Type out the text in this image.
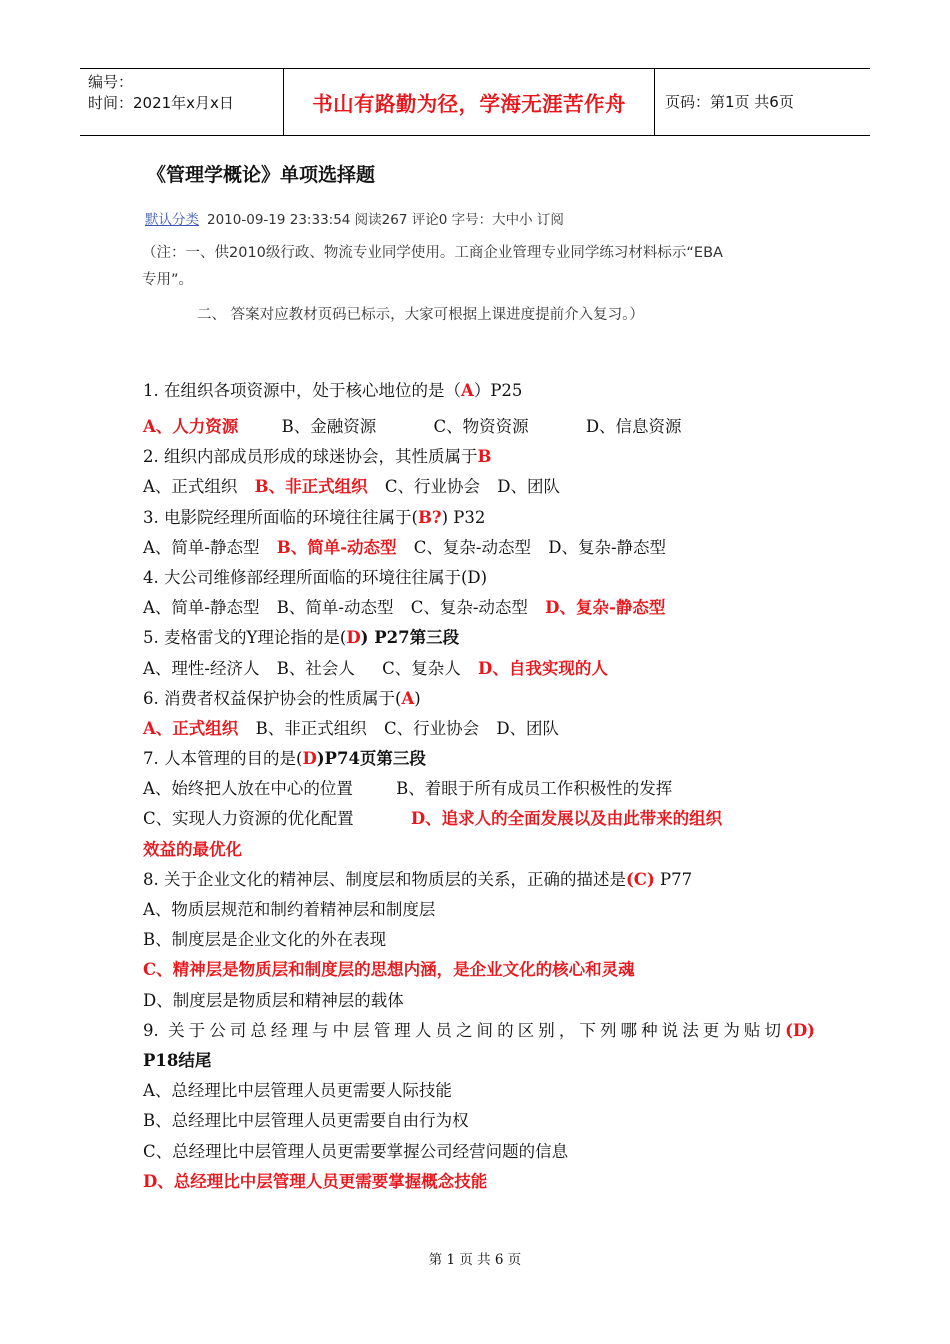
编号：
时间：2021年x月x日	书山有路勤为径，学海无涯苦作舟	页码：第1页 共6页
《管理学概论》单项选择题
默认分类 2010-09-19 23:33:54 阅读267 评论0 字号：大中小 订阅
（注：一、供2010级行政、物流专业同学使用。工商企业管理专业同学练习材料标示“EBA
专用”。
二、 答案对应教材页码已标示，大家可根据上课进度提前介入复习。）
1. 在组织各项资源中，处于核心地位的是（A）P25
A、人力资源	B、金融资源	C、物资资源	D、信息资源
2. 组织内部成员形成的球迷协会，其性质属于B
A、正式组织 B、非正式组织 C、行业协会 D、团队
3. 电影院经理所面临的环境往往属于(B?) P32
A、简单-静态型 B、简单-动态型 C、复杂-动态型 D、复杂-静态型
4. 大公司维修部经理所面临的环境往往属于(D)
A、简单-静态型 B、简单-动态型 C、复杂-动态型 D、复杂-静态型
5. 麦格雷戈的Y理论指的是(D) P27第三段
A、理性-经济人 B、社会人 C、复杂人 D、自我实现的人
6. 消费者权益保护协会的性质属于(A)
A、正式组织 B、非正式组织 C、行业协会 D、团队
7. 人本管理的目的是(D)P74页第三段
A、始终把人放在中心的位置	B、着眼于所有成员工作积极性的发挥
C、实现人力资源的优化配置	D、追求人的全面发展以及由此带来的组织
效益的最优化
8. 关于企业文化的精神层、制度层和物质层的关系，正确的描述是(C) P77
A、物质层规范和制约着精神层和制度层
B、制度层是企业文化的外在表现
C、精神层是物质层和制度层的思想内涵，是企业文化的核心和灵魂
D、制度层是物质层和精神层的载体
9. 关于公司总经理与中层管理人员之间的区别，下列哪种说法更为贴切(D)
P18结尾
A、总经理比中层管理人员更需要人际技能
B、总经理比中层管理人员更需要自由行为权
C、总经理比中层管理人员更需要掌握公司经营问题的信息
D、总经理比中层管理人员更需要掌握概念技能
第 1 页 共 6 页
